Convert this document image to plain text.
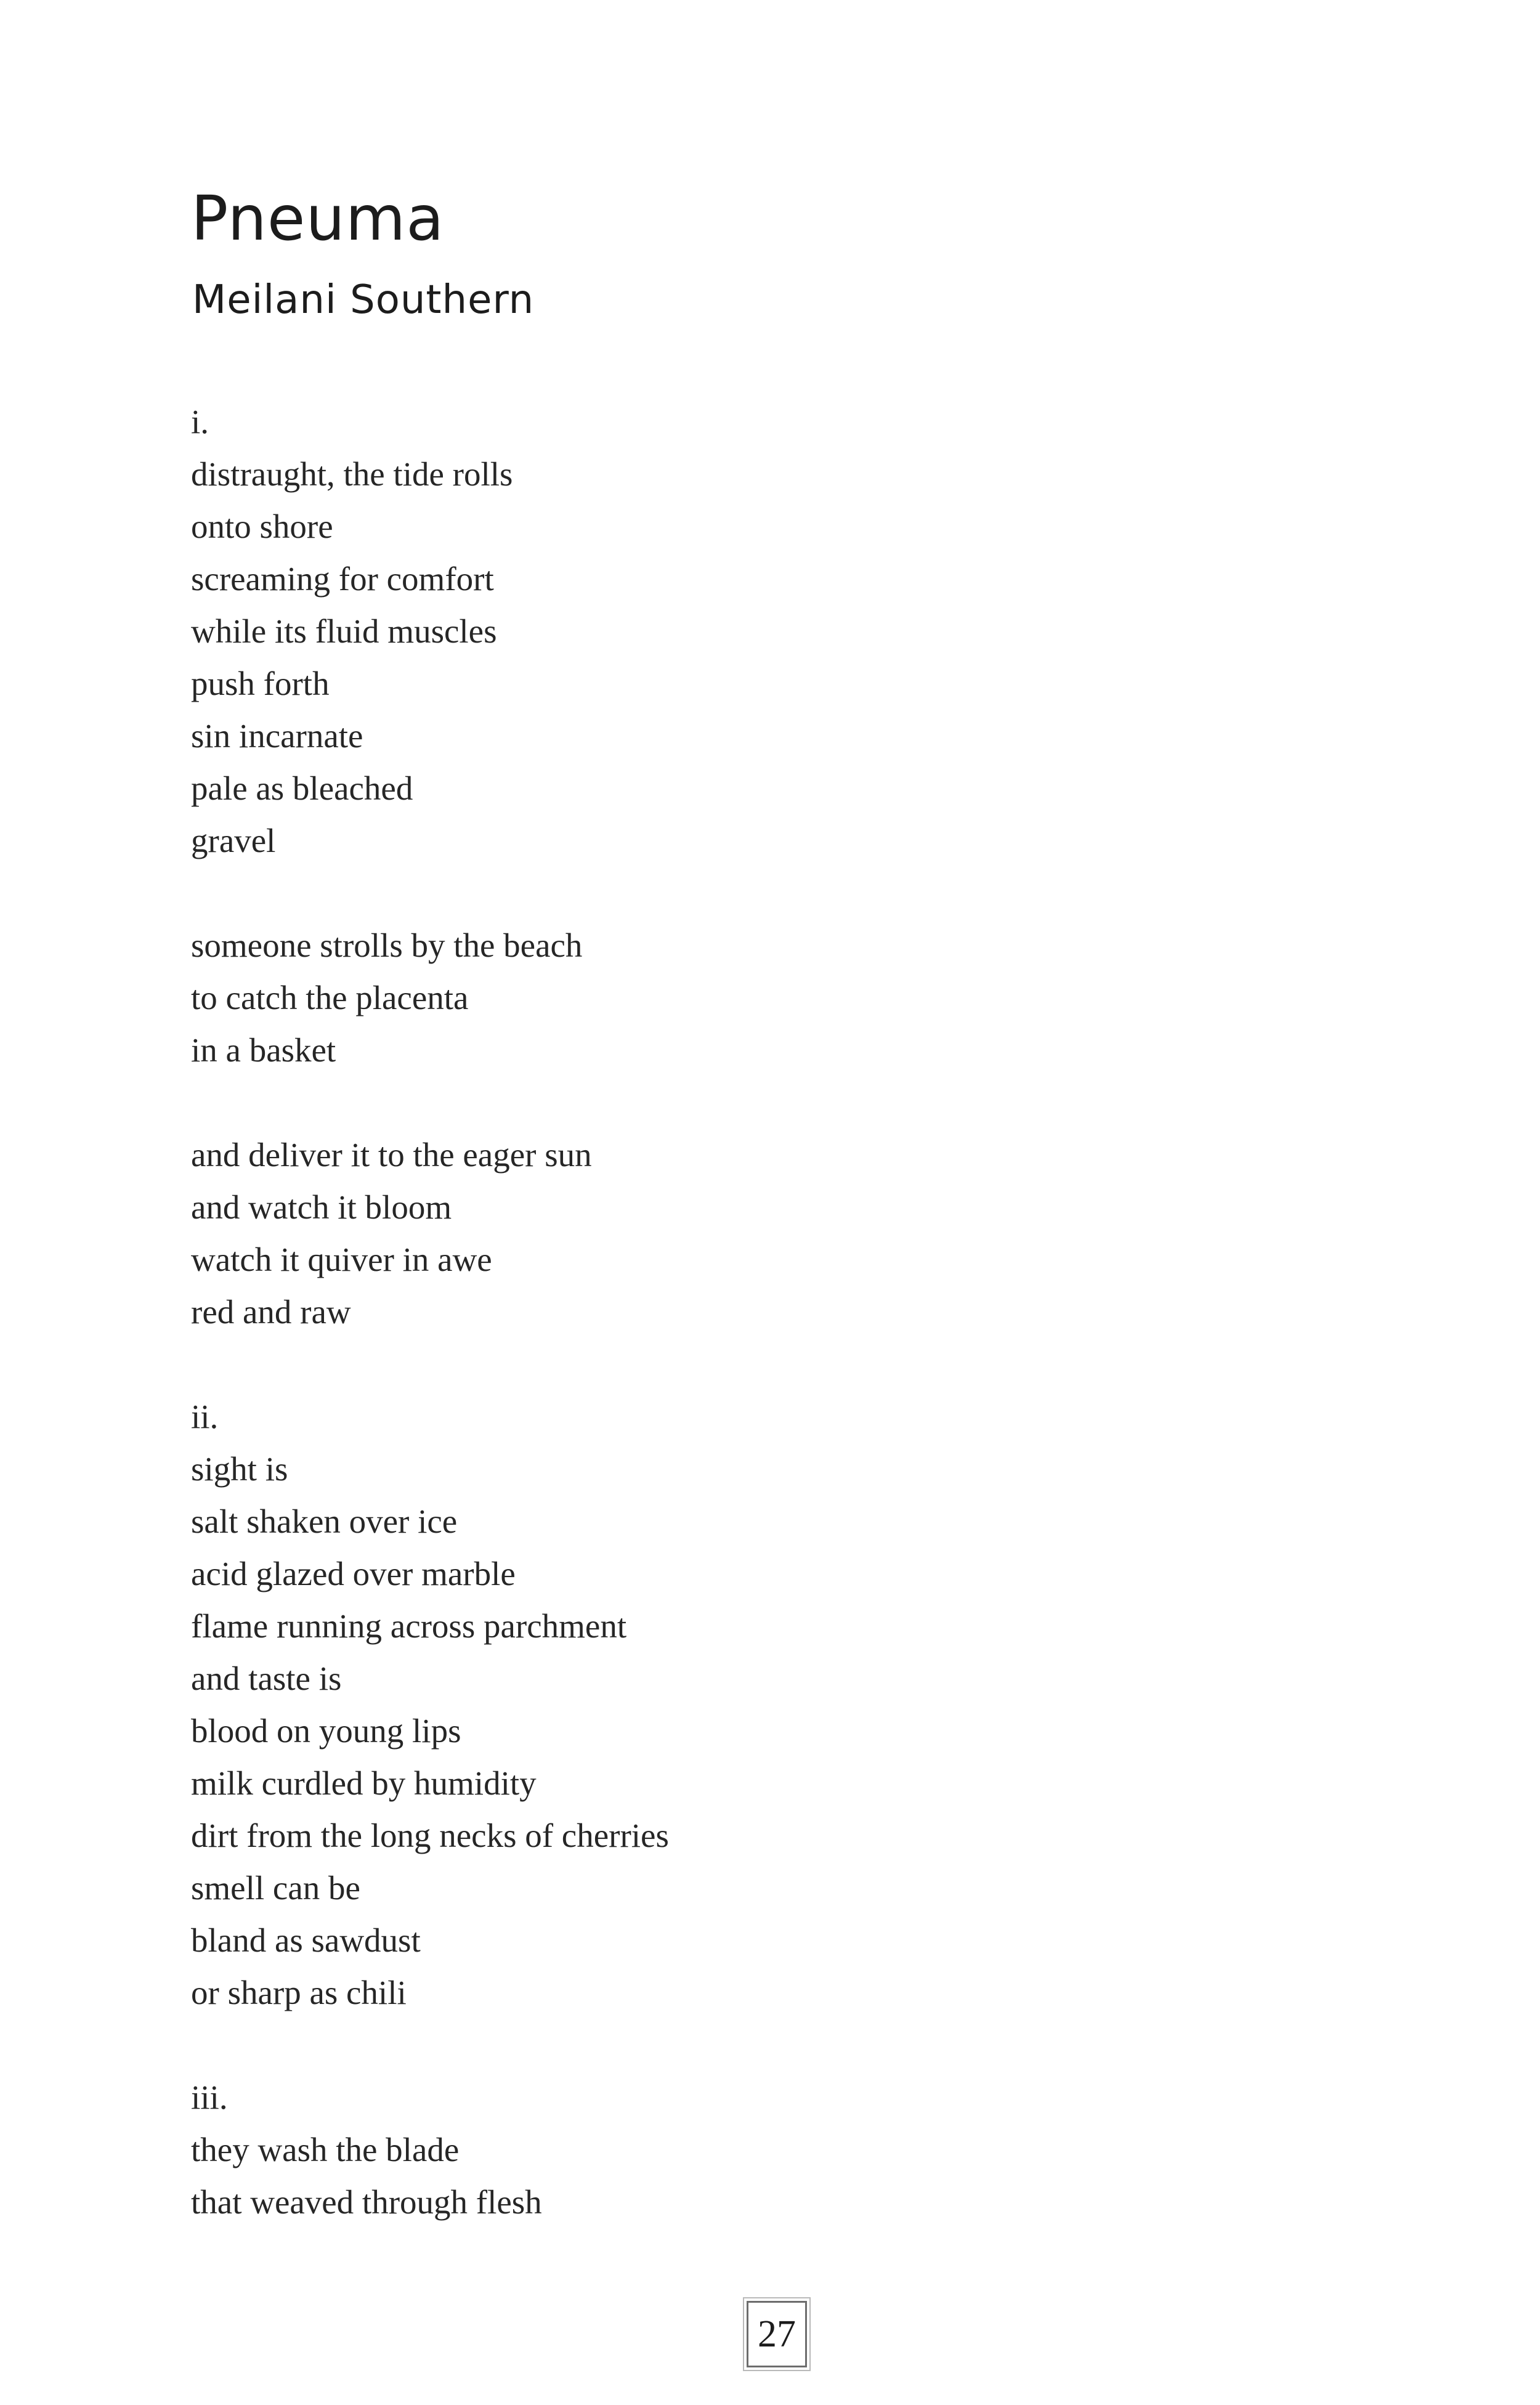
Pneuma
Meilani Southern
i.
distraught, the tide rolls
onto shore
screaming for comfort
while its fluid muscles
push forth
sin incarnate
pale as bleached
gravel
someone strolls by the beach
to catch the placenta
in a basket
and deliver it to the eager sun
and watch it bloom
watch it quiver in awe
red and raw
ii.
sight is
salt shaken over ice
acid glazed over marble
flame running across parchment
and taste is
blood on young lips
milk curdled by humidity
dirt from the long necks of cherries
smell can be
bland as sawdust
or sharp as chili
iii.
they wash the blade
that weaved through flesh
27
